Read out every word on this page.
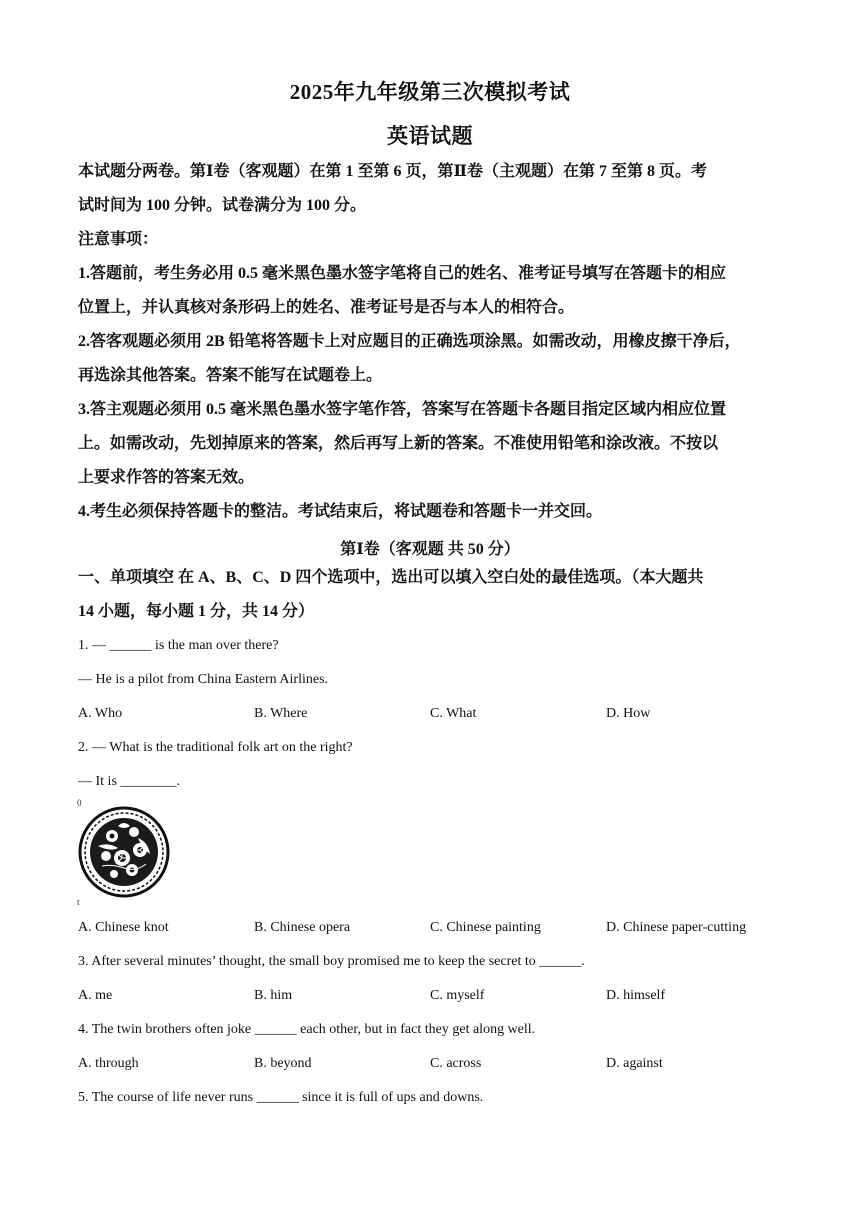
2025年九年级第三次模拟考试
英语试题
本试题分两卷。第Ⅰ卷（客观题）在第 1 至第 6 页，第Ⅱ卷（主观题）在第 7 至第 8 页。考
试时间为 100 分钟。试卷满分为 100 分。
注意事项：
1.答题前，考生务必用 0.5 毫米黑色墨水签字笔将自己的姓名、准考证号填写在答题卡的相应
位置上，并认真核对条形码上的姓名、准考证号是否与本人的相符合。
2.答客观题必须用 2B 铅笔将答题卡上对应题目的正确选项涂黑。如需改动，用橡皮擦干净后，
再选涂其他答案。答案不能写在试题卷上。
3.答主观题必须用 0.5 毫米黑色墨水签字笔作答，答案写在答题卡各题目指定区域内相应位置
上。如需改动，先划掉原来的答案，然后再写上新的答案。不准使用铅笔和涂改液。不按以
上要求作答的答案无效。
4.考生必须保持答题卡的整洁。考试结束后，将试题卷和答题卡一并交回。
第Ⅰ卷（客观题 共 50 分）
一、单项填空 在 A、B、C、D 四个选项中，选出可以填入空白处的最佳选项。（本大题共
14 小题，每小题 1 分，共 14 分）
1. — ______ is the man over there?
— He is a pilot from China Eastern Airlines.
A. Who	B. Where	C. What	D. How
2. — What is the traditional folk art on the right?
— It is ________.
0
t
A. Chinese knot	B. Chinese opera	C. Chinese painting	D. Chinese paper-cutting
3. After several minutes’ thought, the small boy promised me to keep the secret to ______.
A. me	B. him	C. myself	D. himself
4. The twin brothers often joke ______ each other, but in fact they get along well.
A. through	B. beyond	C. across	D. against
5. The course of life never runs ______ since it is full of ups and downs.
